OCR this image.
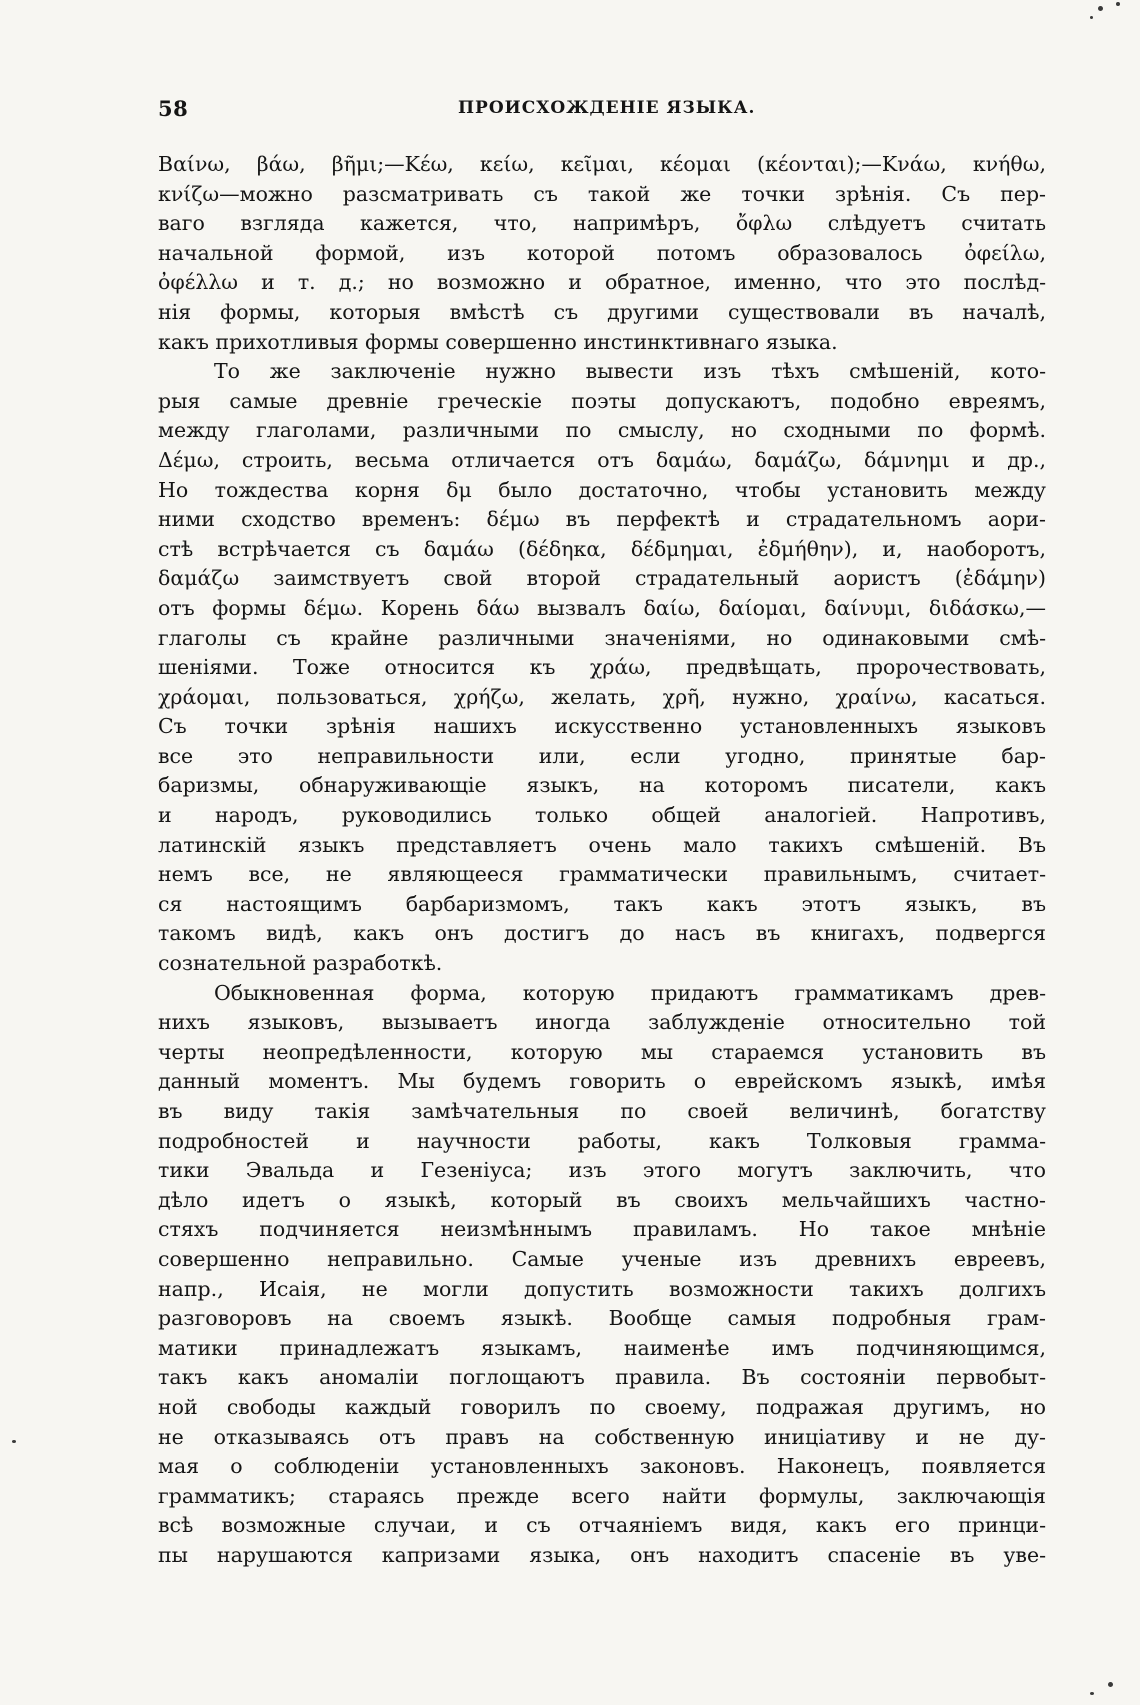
58	ПРОИСХОЖДЕНІЕ ЯЗЫКА.
Βαίνω, βάω, βῆμι;—Κέω, κείω, κεῖμαι, κέομαι (κέονται);—Κνάω, κνήθω,
κνίζω—можно разсматривать съ такой же точки зрѣнія. Съ пер-
ваго взгляда кажется, что, напримѣръ, ὄφλω слѣдуетъ считать
начальной формой, изъ которой потомъ образовалось ὀφείλω,
ὀφέλλω и т. д.; но возможно и обратное, именно, что это послѣд-
нія формы, которыя вмѣстѣ съ другими существовали въ началѣ,
какъ прихотливыя формы совершенно инстинктивнаго языка.
То же заключеніе нужно вывести изъ тѣхъ смѣшеній, кото-
рыя самые древніе греческіе поэты допускаютъ, подобно евреямъ,
между глаголами, различными по смыслу, но сходными по формѣ.
Δέμω, строить, весьма отличается отъ δαμάω, δαμάζω, δάμνημι и др.,
Но тождества корня δμ было достаточно, чтобы установить между
ними сходство временъ: δέμω въ перфектѣ и страдательномъ аори-
стѣ встрѣчается съ δαμάω (δέδηκα, δέδμημαι, ἐδμήθην), и, наоборотъ,
δαμάζω заимствуетъ свой второй страдательный аористъ (ἐδάμην)
отъ формы δέμω. Корень δάω вызвалъ δαίω, δαίομαι, δαίνυμι, διδάσκω,—
глаголы съ крайне различными значеніями, но одинаковыми смѣ-
шеніями. Тоже относится къ χράω, предвѣщать, пророчествовать,
χράομαι, пользоваться, χρήζω, желать, χρῆ, нужно, χραίνω, касаться.
Съ точки зрѣнія нашихъ искусственно установленныхъ языковъ
все это неправильности или, если угодно, принятые бар-
баризмы, обнаруживающіе языкъ, на которомъ писатели, какъ
и народъ, руководились только общей аналогіей. Напротивъ,
латинскій языкъ представляетъ очень мало такихъ смѣшеній. Въ
немъ все, не являющееся грамматически правильнымъ, считает-
ся настоящимъ барбаризмомъ, такъ какъ этотъ языкъ, въ
такомъ видѣ, какъ онъ достигъ до насъ въ книгахъ, подвергся
сознательной разработкѣ.
Обыкновенная форма, которую придаютъ грамматикамъ древ-
нихъ языковъ, вызываетъ иногда заблужденіе относительно той
черты неопредѣленности, которую мы стараемся установить въ
данный моментъ. Мы будемъ говорить о еврейскомъ языкѣ, имѣя
въ виду такія замѣчательныя по своей величинѣ, богатству
подробностей и научности работы, какъ Толковыя грамма-
тики Эвальда и Гезеніуса; изъ этого могутъ заключить, что
дѣло идетъ о языкѣ, который въ своихъ мельчайшихъ частно-
стяхъ подчиняется неизмѣннымъ правиламъ. Но такое мнѣніе
совершенно неправильно. Самые ученые изъ древнихъ евреевъ,
напр., Исаія, не могли допустить возможности такихъ долгихъ
разговоровъ на своемъ языкѣ. Вообще самыя подробныя грам-
матики принадлежатъ языкамъ, наименѣе имъ подчиняющимся,
такъ какъ аномаліи поглощаютъ правила. Въ состояніи первобыт-
ной свободы каждый говорилъ по своему, подражая другимъ, но
не отказываясь отъ правъ на собственную иниціативу и не ду-
мая о соблюденіи установленныхъ законовъ. Наконецъ, появляется
грамматикъ; стараясь прежде всего найти формулы, заключающія
всѣ возможные случаи, и съ отчаяніемъ видя, какъ его принци-
пы нарушаются капризами языка, онъ находитъ спасеніе въ уве-
